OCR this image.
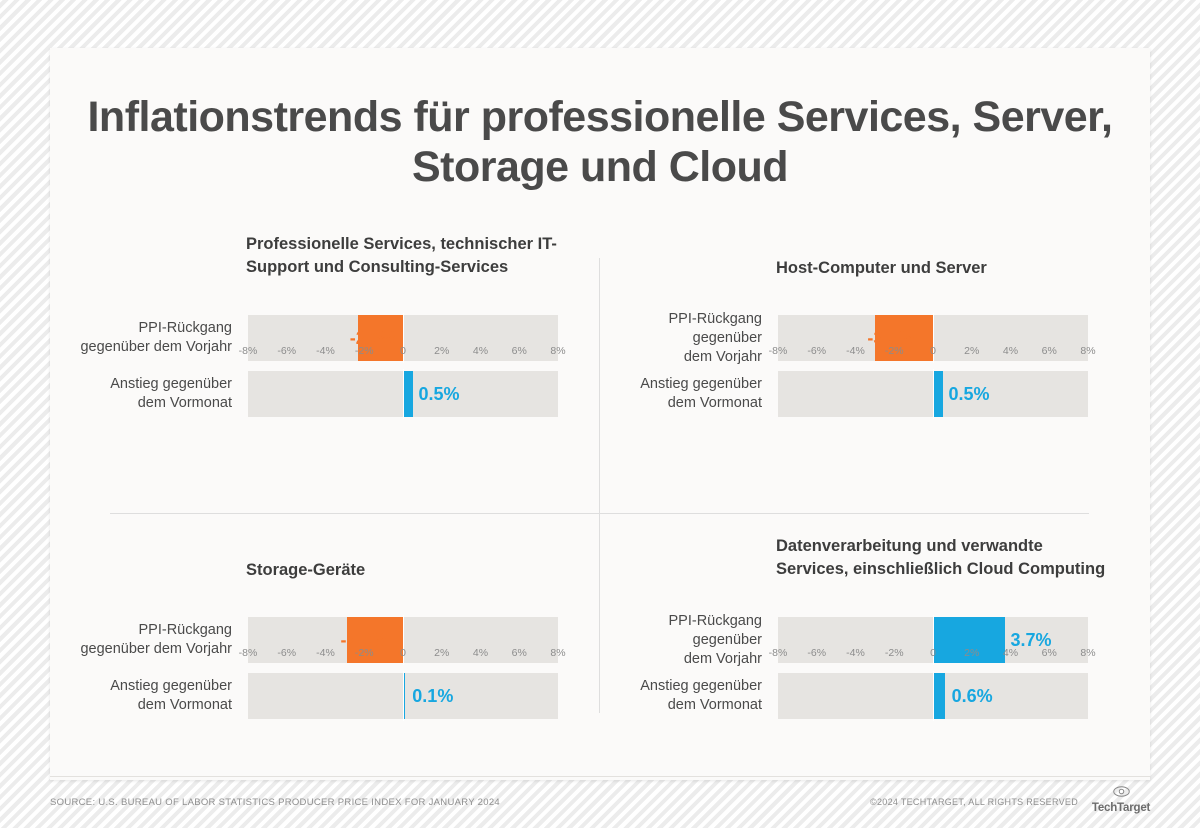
Inflationstrends für professionelle Services, Server, Storage und Cloud
Professionelle Services, technischer IT-Support und Consulting-Services
PPI-Rückgang
gegenüber dem Vorjahr	-2.3%
Anstieg gegenüber
dem Vormonat	0.5%
-8% -6% -4% -2%	0	2% 4% 6% 8%
Host-Computer und Server
PPI-Rückgang
gegenüber
dem Vorjahr
-3.0%
Anstieg gegenüber
dem Vormonat	0.5%
-8% -6% -4% -2%	0	2% 4% 6% 8%
Storage-Geräte
PPI-Rückgang
gegenüber dem Vorjahr	-2.9%
Anstieg gegenüber
dem Vormonat	0.1%
-8% -6% -4% -2%	0	2% 4% 6% 8%
Datenverarbeitung und verwandte Services, einschließlich Cloud Computing
PPI-Rückgang
gegenüber
dem Vorjahr
3.7%
Anstieg gegenüber
dem Vormonat	0.6%
-8% -6% -4% -2%	0	2% 4% 6% 8%
SOURCE: U.S. BUREAU OF LABOR STATISTICS PRODUCER PRICE INDEX FOR JANUARY 2024	©2024 TECHTARGET, ALL RIGHTS RESERVED TechTarget
